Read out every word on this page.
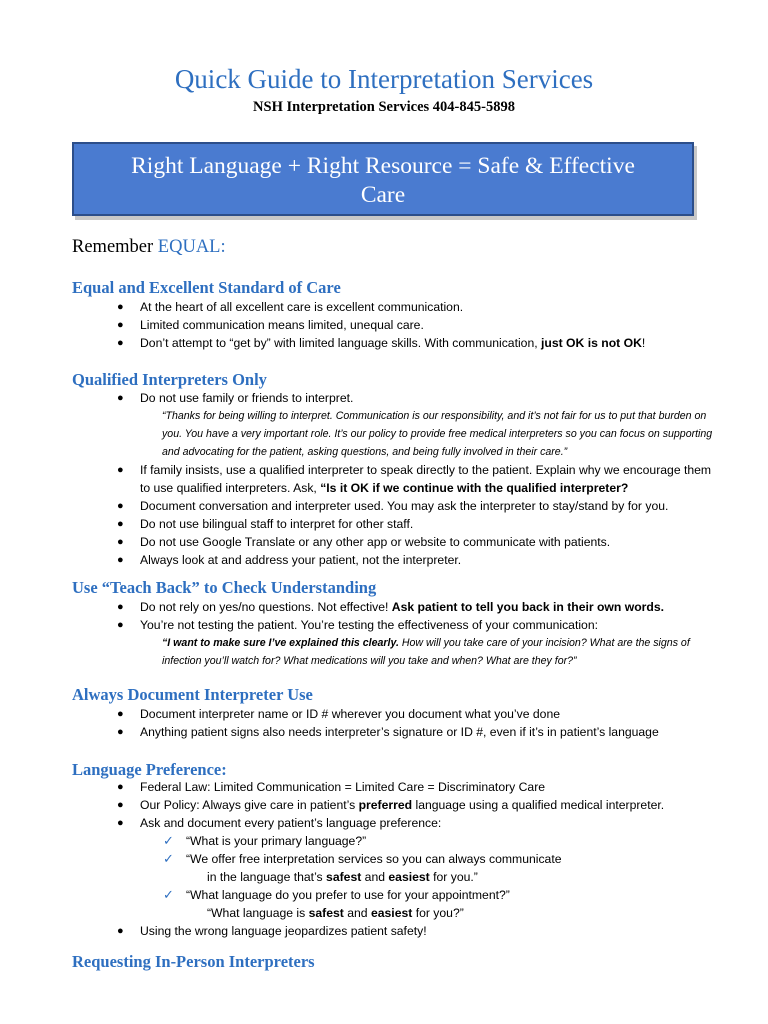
Quick Guide to Interpretation Services
NSH Interpretation Services 404-845-5898
Right Language + Right Resource = Safe & Effective
Care
Remember EQUAL:
Equal and Excellent Standard of Care
● At the heart of all excellent care is excellent communication.
● Limited communication means limited, unequal care.
● Don’t attempt to “get by” with limited language skills. With communication, just OK is not OK!
Qualified Interpreters Only
● Do not use family or friends to interpret.
“Thanks for being willing to interpret. Communication is our responsibility, and it’s not fair for us to put that burden on you. You have a very important role. It’s our policy to provide free medical interpreters so you can focus on supporting and advocating for the patient, asking questions, and being fully involved in their care.”
● If family insists, use a qualified interpreter to speak directly to the patient. Explain why we encourage them to use qualified interpreters. Ask, “Is it OK if we continue with the qualified interpreter?
● Document conversation and interpreter used. You may ask the interpreter to stay/stand by for you.
● Do not use bilingual staff to interpret for other staff.
● Do not use Google Translate or any other app or website to communicate with patients.
● Always look at and address your patient, not the interpreter.
Use “Teach Back” to Check Understanding
● Do not rely on yes/no questions. Not effective! Ask patient to tell you back in their own words.
● You’re not testing the patient. You’re testing the effectiveness of your communication:
“I want to make sure I’ve explained this clearly. How will you take care of your incision? What are the signs of infection you’ll watch for? What medications will you take and when? What are they for?”
Always Document Interpreter Use
● Document interpreter name or ID # wherever you document what you’ve done
● Anything patient signs also needs interpreter’s signature or ID #, even if it’s in patient’s language
Language Preference:
● Federal Law: Limited Communication = Limited Care = Discriminatory Care
● Our Policy: Always give care in patient’s preferred language using a qualified medical interpreter.
● Ask and document every patient’s language preference:
✓ “What is your primary language?”
✓ “We offer free interpretation services so you can always communicate
in the language that’s safest and easiest for you.”
✓ “What language do you prefer to use for your appointment?”
“What language is safest and easiest for you?”
● Using the wrong language jeopardizes patient safety!
Requesting In-Person Interpreters
